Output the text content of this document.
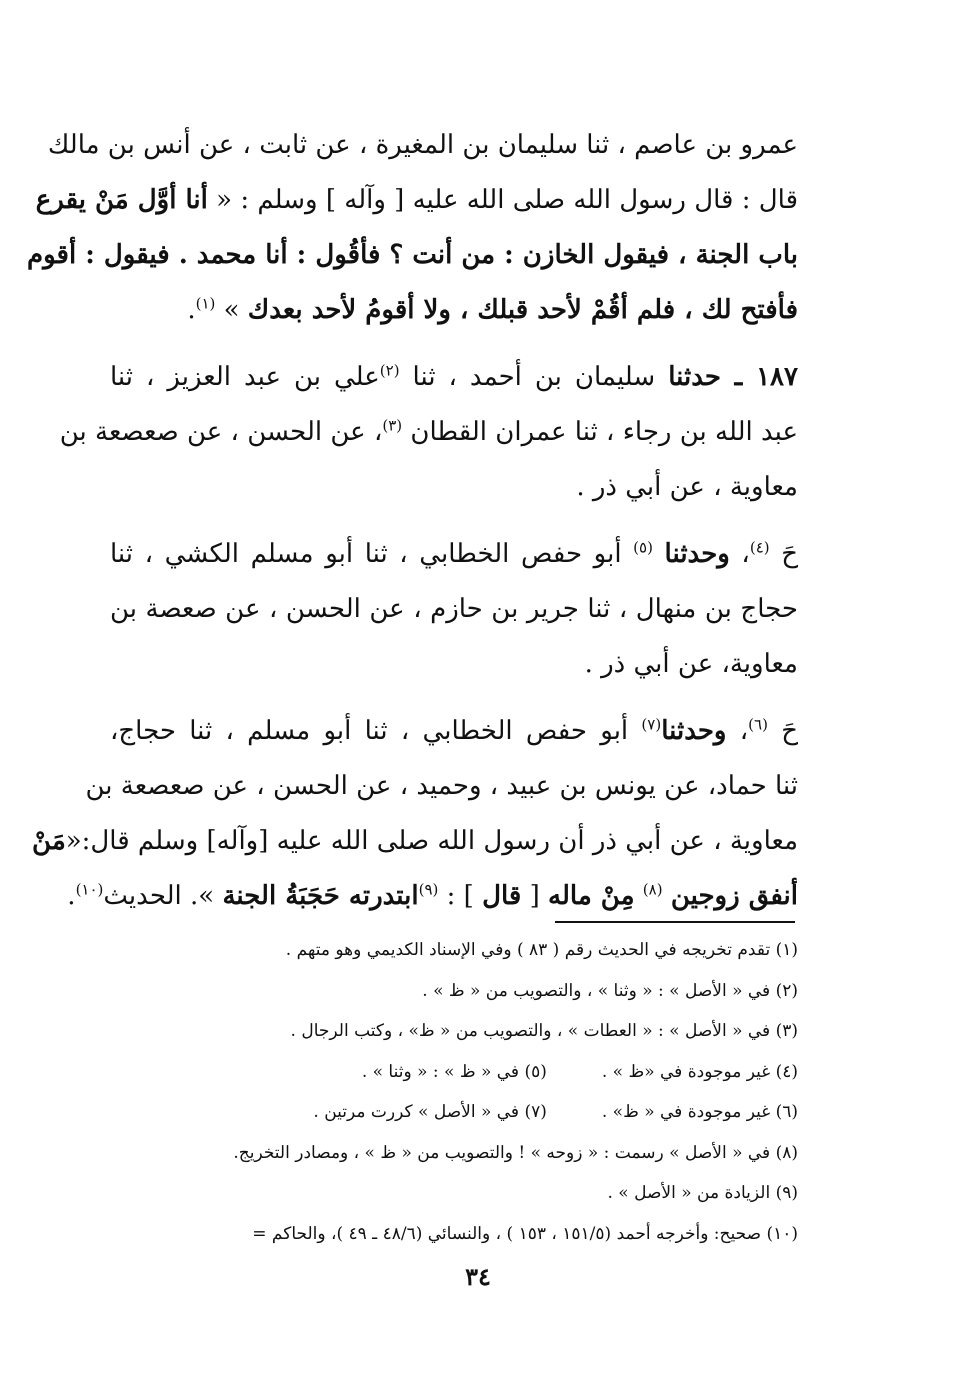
عمرو بن عاصم ، ثنا سليمان بن المغيرة ، عن ثابت ، عن أنس بن مالك
قال : قال رسول الله صلى الله عليه [ وآله ] وسلم : « أنا أوَّل مَنْ يقرع
باب الجنة ، فيقول الخازن : من أنت ؟ فأقُول : أنا محمد . فيقول : أقوم
فأفتح لك ، فلم أقُمْ لأحد قبلك ، ولا أقومُ لأحد بعدك » $^{(١)}$.
١٨٧ ـ حدثنا سليمان بن أحمد ، ثنا $^{(٢)}$علي بن عبد العزيز ، ثنا
عبد الله بن رجاء ، ثنا عمران القطان $^{(٣)}$، عن الحسن ، عن صعصعة بن
معاوية ، عن أبي ذر .
حَ $^{(٤)}$، وحدثنا $^{(٥)}$ أبو حفص الخطابي ، ثنا أبو مسلم الكشي ، ثنا
حجاج بن منهال ، ثنا جرير بن حازم ، عن الحسن ، عن صعصة بن
معاوية، عن أبي ذر .
حَ $^{(٦)}$، وحدثنا$^{(٧)}$ أبو حفص الخطابي ، ثنا أبو مسلم ، ثنا حجاج،
ثنا حماد، عن يونس بن عبيد ، وحميد ، عن الحسن ، عن صعصعة بن
معاوية ، عن أبي ذر أن رسول الله صلى الله عليه [وآله] وسلم قال:«مَنْ
أنفق زوجين $^{(٨)}$ مِنْ ماله [ قال ] : $^{(٩)}$ابتدرته حَجَبَةُ الجنة ». الحديث$^{(١٠)}$.
(١) تقدم تخريجه في الحديث رقم ( ٨٣ ) وفي الإسناد الكديمي وهو متهم .
(٢) في « الأصل » : « وثنا » ، والتصويب من « ظ » .
(٣) في « الأصل » : « العطات » ، والتصويب من « ظ» ، وكتب الرجال .
(٤) غير موجودة في «ظ » .(٥) في « ظ » : « وثنا » .
(٦) غير موجودة في « ظ» .(٧) في « الأصل » كررت مرتين .
(٨) في « الأصل » رسمت : « زوحه » ! والتصويب من « ظ » ، ومصادر التخريج.
(٩) الزيادة من « الأصل » .
(١٠) صحيح: وأخرجه أحمد (١٥١/٥ ، ١٥٣ ) ، والنسائي (٤٨/٦ ـ ٤٩ )، والحاكم =
٣٤
